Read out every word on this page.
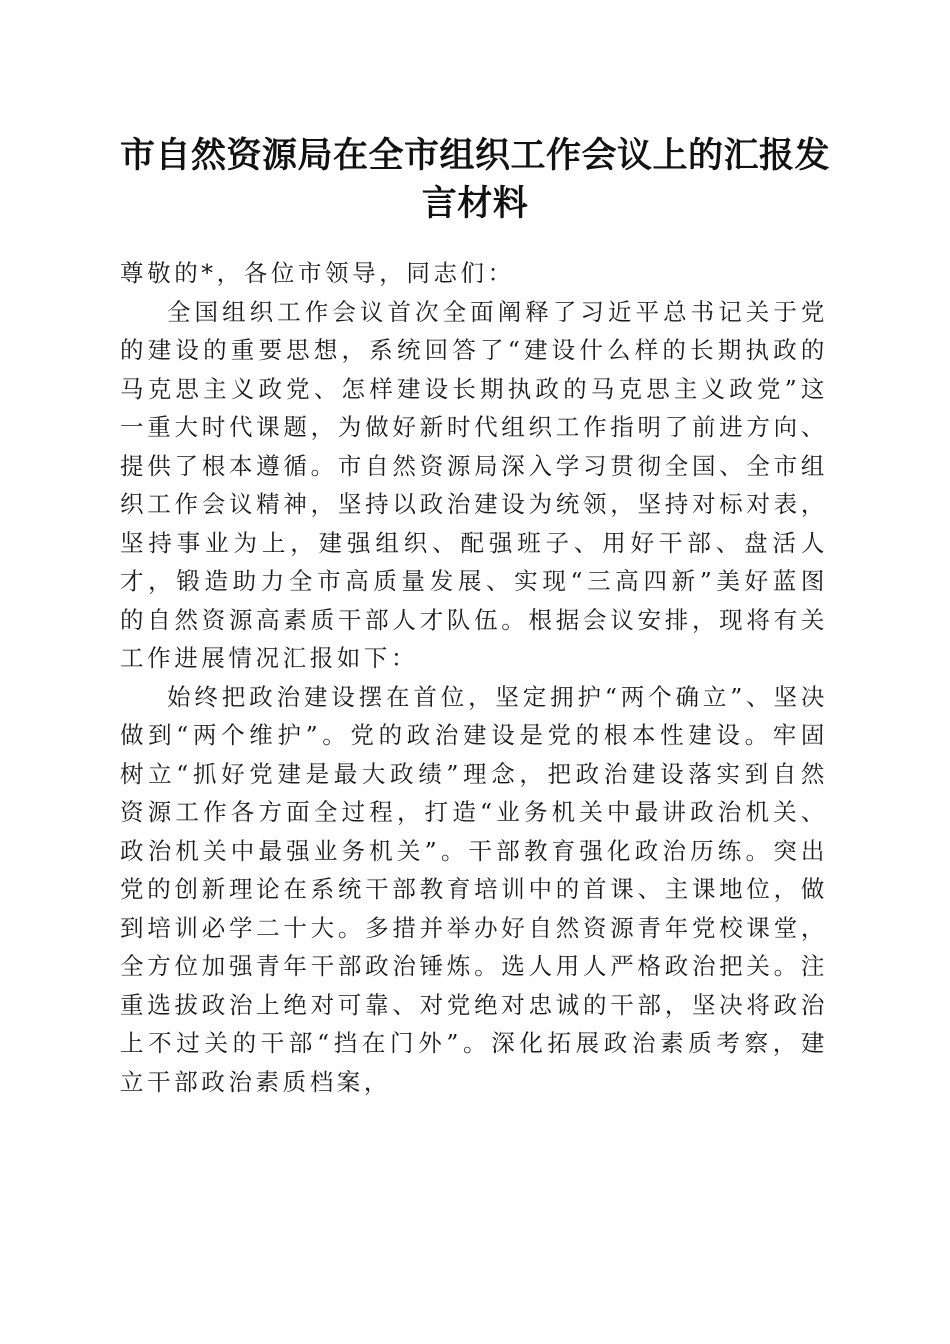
市自然资源局在全市组织工作会议上的汇报发言材料

尊敬的*，各位市领导，同志们：

全国组织工作会议首次全面阐释了习近平总书记关于党的建设的重要思想，系统回答了“建设什么样的长期执政的马克思主义政党、怎样建设长期执政的马克思主义政党”这一重大时代课题，为做好新时代组织工作指明了前进方向、提供了根本遵循。市自然资源局深入学习贯彻全国、全市组织工作会议精神，坚持以政治建设为统领，坚持对标对表，坚持事业为上，建强组织、配强班子、用好干部、盘活人才，锻造助力全市高质量发展、实现“三高四新”美好蓝图的自然资源高素质干部人才队伍。根据会议安排，现将有关工作进展情况汇报如下：

始终把政治建设摆在首位，坚定拥护“两个确立”、坚决做到“两个维护”。党的政治建设是党的根本性建设。牢固树立“抓好党建是最大政绩”理念，把政治建设落实到自然资源工作各方面全过程，打造“业务机关中最讲政治机关、政治机关中最强业务机关”。干部教育强化政治历练。突出党的创新理论在系统干部教育培训中的首课、主课地位，做到培训必学二十大。多措并举办好自然资源青年党校课堂，全方位加强青年干部政治锤炼。选人用人严格政治把关。注重选拔政治上绝对可靠、对党绝对忠诚的干部，坚决将政治上不过关的干部“挡在门外”。深化拓展政治素质考察，建立干部政治素质档案，
